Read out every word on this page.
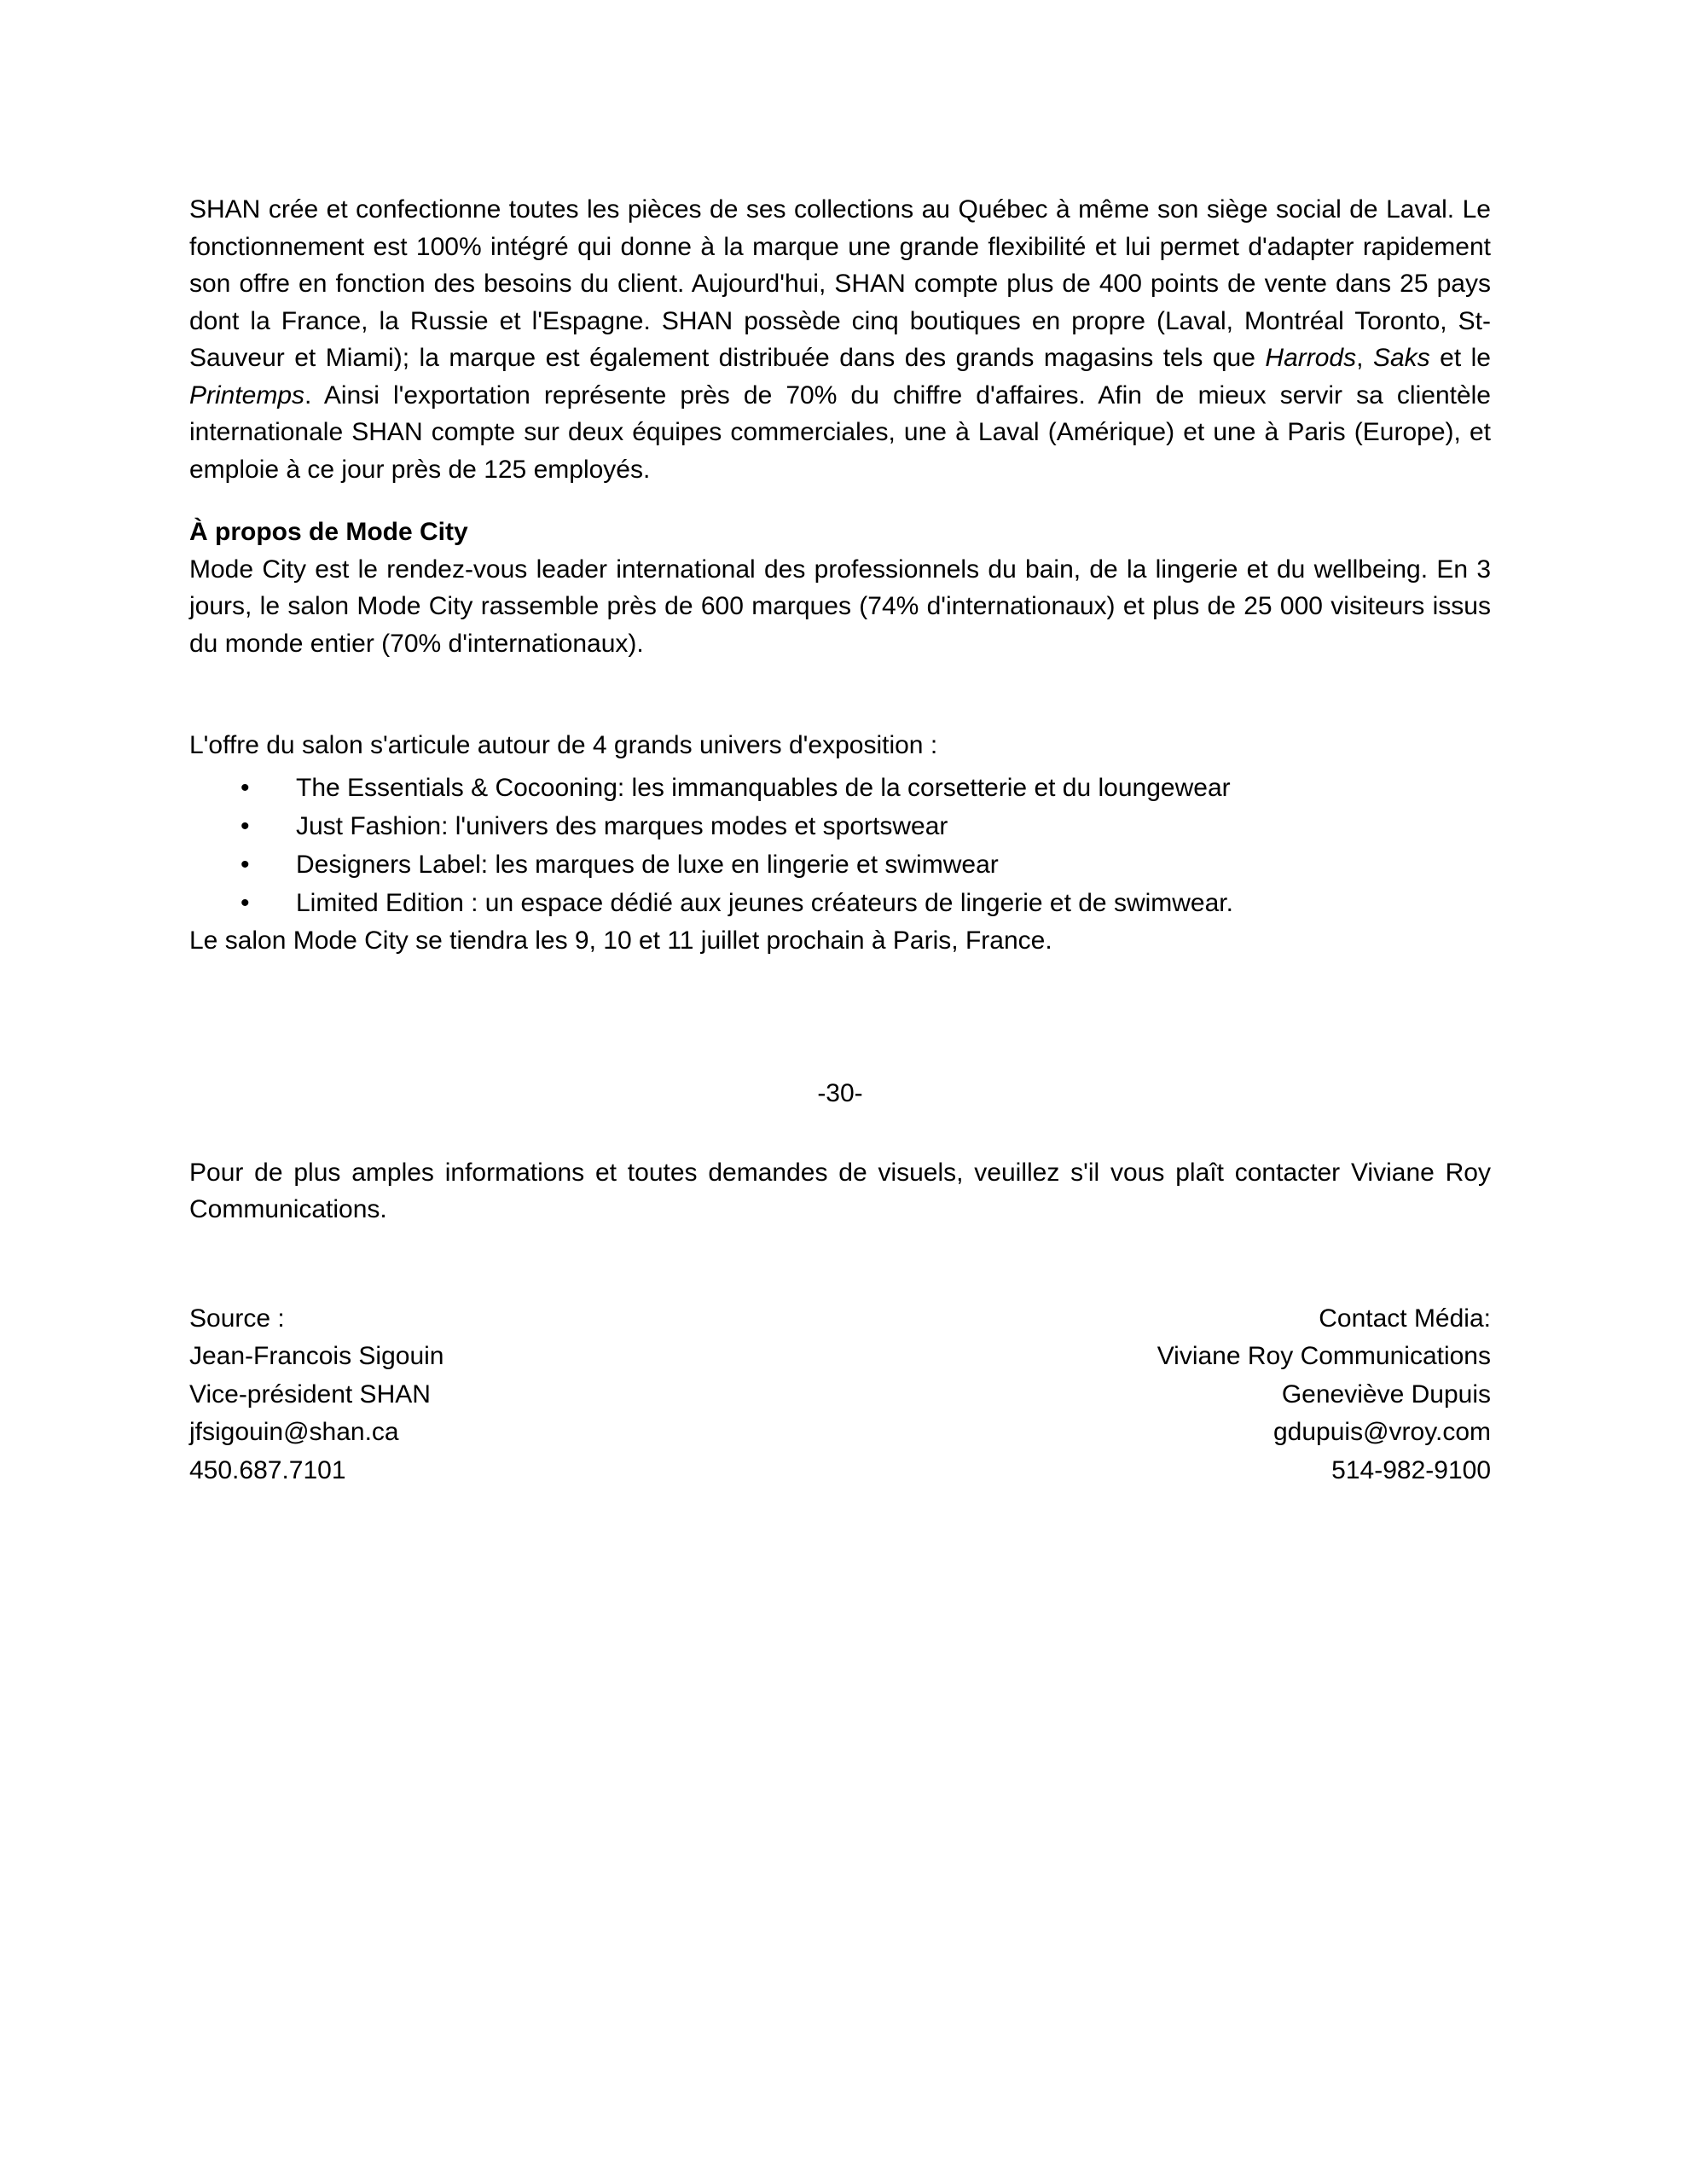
SHAN crée et confectionne toutes les pièces de ses collections au Québec à même son siège social de Laval. Le fonctionnement est 100% intégré qui donne à la marque une grande flexibilité et lui permet d'adapter rapidement son offre en fonction des besoins du client. Aujourd'hui, SHAN compte plus de 400 points de vente dans 25 pays dont la France, la Russie et l'Espagne. SHAN possède cinq boutiques en propre (Laval, Montréal Toronto, St-Sauveur et Miami); la marque est également distribuée dans des grands magasins tels que Harrods, Saks et le Printemps. Ainsi l'exportation représente près de 70% du chiffre d'affaires. Afin de mieux servir sa clientèle internationale SHAN compte sur deux équipes commerciales, une à Laval (Amérique) et une à Paris (Europe), et emploie à ce jour près de 125 employés.

À propos de Mode City

Mode City est le rendez-vous leader international des professionnels du bain, de la lingerie et du wellbeing. En 3 jours, le salon Mode City rassemble près de 600 marques (74% d'internationaux) et plus de 25 000 visiteurs issus du monde entier (70% d'internationaux).

L'offre du salon s'articule autour de 4 grands univers d'exposition :

• The Essentials & Cocooning: les immanquables de la corsetterie et du loungewear
• Just Fashion: l'univers des marques modes et sportswear
• Designers Label: les marques de luxe en lingerie et swimwear
• Limited Edition : un espace dédié aux jeunes créateurs de lingerie et de swimwear.

Le salon Mode City se tiendra les 9, 10 et 11 juillet prochain à Paris, France.

-30-

Pour de plus amples informations et toutes demandes de visuels, veuillez s'il vous plaît contacter Viviane Roy Communications.

Source :

Jean-Francois Sigouin

Vice-président SHAN

jfsigouin@shan.ca

450.687.7101

Contact Média:

Viviane Roy Communications

Geneviève Dupuis

gdupuis@vroy.com

514-982-9100
